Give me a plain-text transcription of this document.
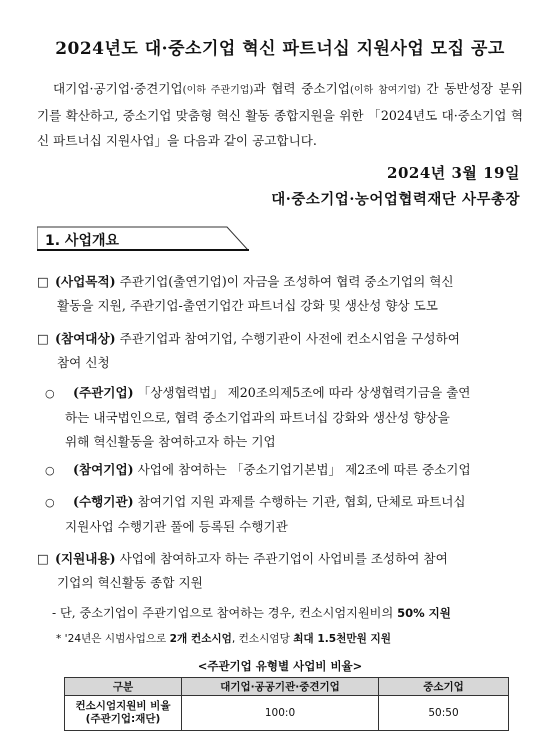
2024년도 대·중소기업 혁신 파트너십 지원사업 모집 공고
대기업·공기업·중견기업(이하 주관기업)과 협력 중소기업(이하 참여기업) 간 동반성장 분위기를 확산하고, 중소기업 맞춤형 혁신 활동 종합지원을 위한 「2024년도 대·중소기업 혁신 파트너십 지원사업」을 다음과 같이 공고합니다.
2024년 3월 19일
대·중소기업·농어업협력재단 사무총장
1. 사업개요
□ (사업목적) 주관기업(출연기업)이 자금을 조성하여 협력 중소기업의 혁신
활동을 지원, 주관기업-출연기업간 파트너십 강화 및 생산성 향상 도모
□ (참여대상) 주관기업과 참여기업, 수행기관이 사전에 컨소시엄을 구성하여
참여 신청
○ (주관기업) 「상생협력법」 제20조의제5조에 따라 상생협력기금을 출연
하는 내국법인으로, 협력 중소기업과의 파트너십 강화와 생산성 향상을
위해 혁신활동을 참여하고자 하는 기업
○ (참여기업) 사업에 참여하는 「중소기업기본법」 제2조에 따른 중소기업
○ (수행기관) 참여기업 지원 과제를 수행하는 기관, 협회, 단체로 파트너십
지원사업 수행기관 풀에 등록된 수행기관
□ (지원내용) 사업에 참여하고자 하는 주관기업이 사업비를 조성하여 참여
기업의 혁신활동 종합 지원
- 단, 중소기업이 주관기업으로 참여하는 경우, 컨소시엄지원비의 50% 지원
* '24년은 시범사업으로 2개 컨소시엄, 컨소시엄당 최대 1.5천만원 지원
<주관기업 유형별 사업비 비율>
구분	대기업·공공기관·중견기업	중소기업

컨소시엄지원비 비율
(주관기업:재단)	100:0	50:50
